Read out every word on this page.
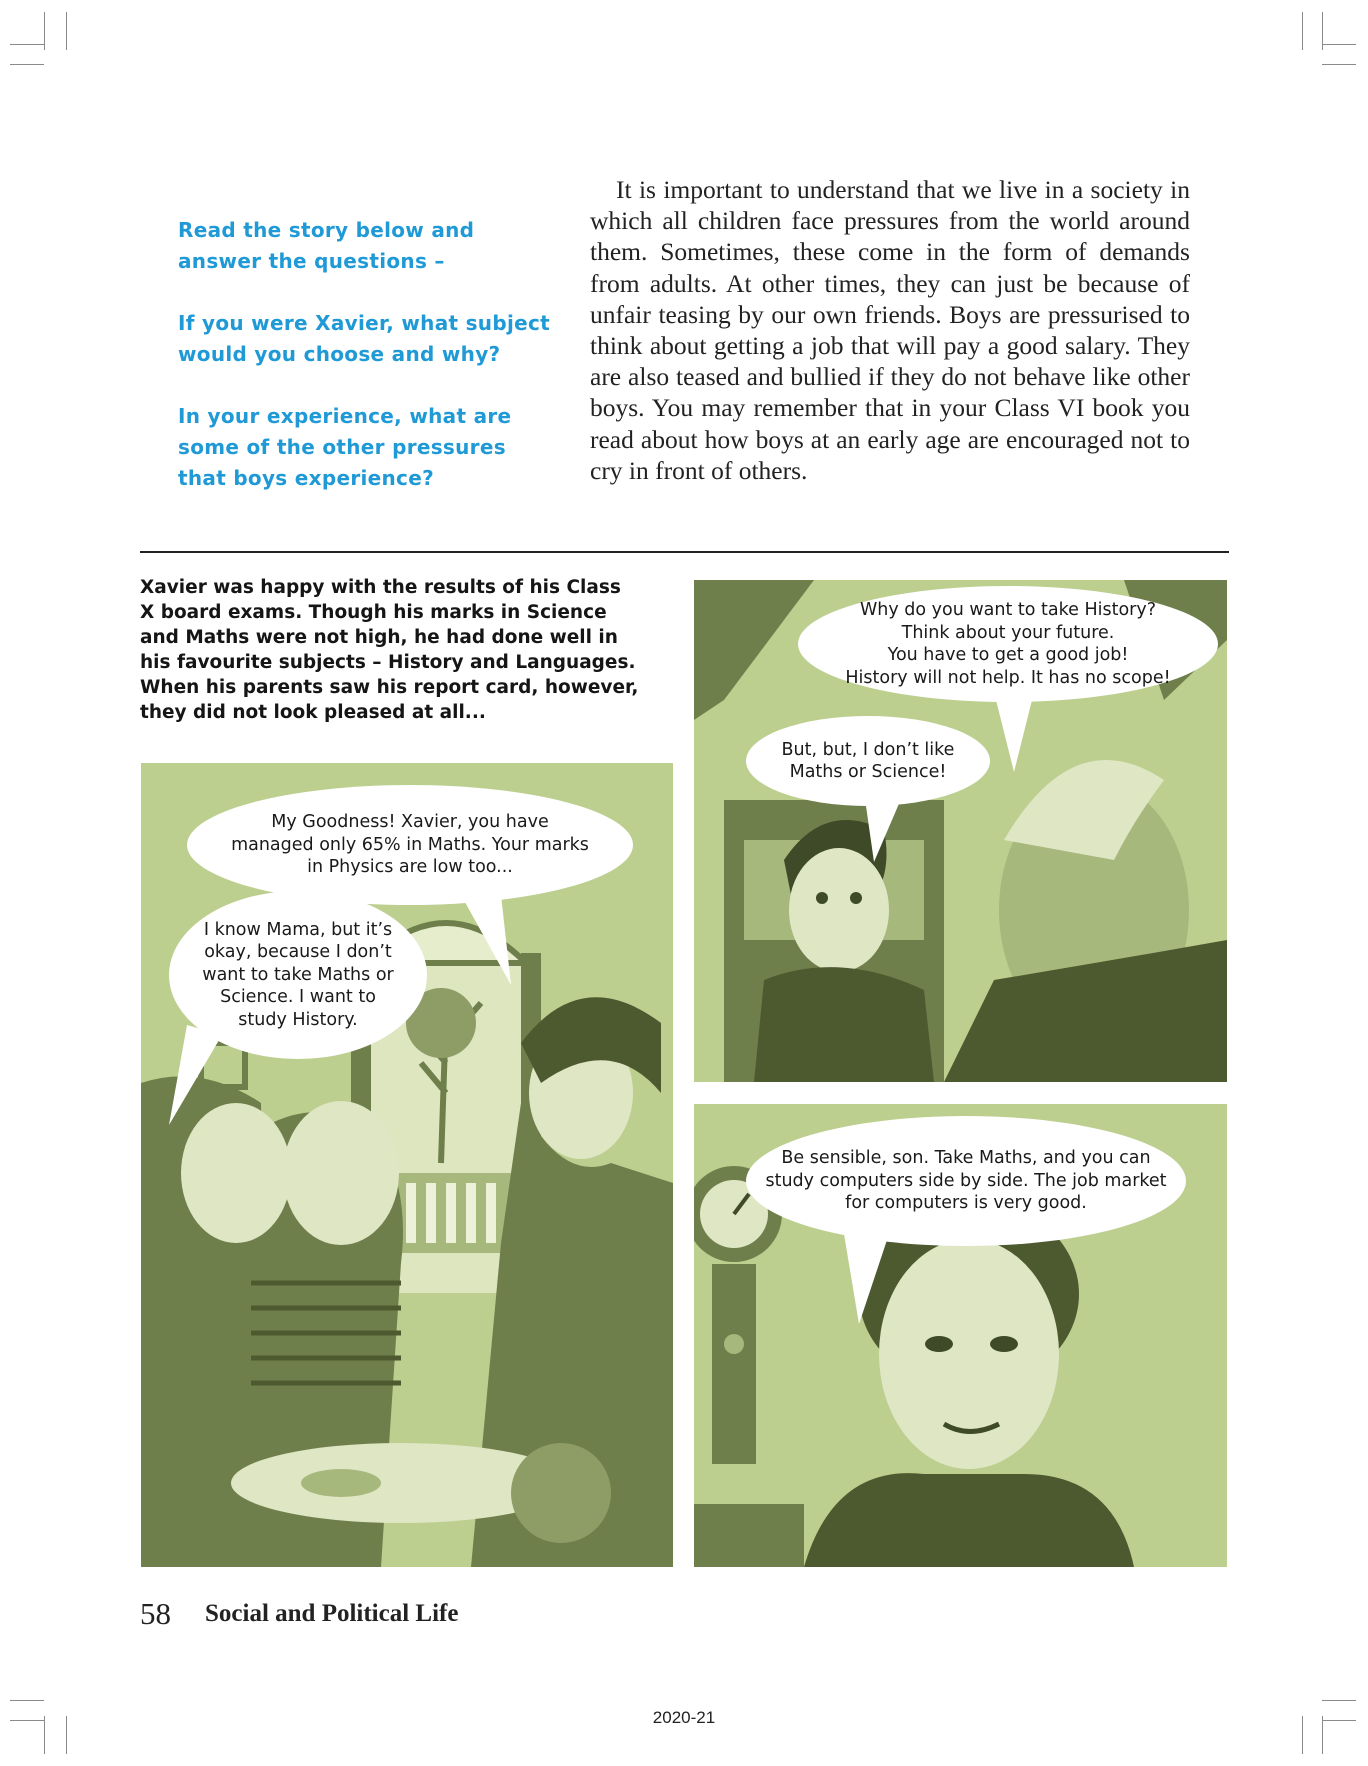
Read the story below and answer the questions –

If you were Xavier, what subject would you choose and why?

In your experience, what are some of the other pressures that boys experience?

It is important to understand that we live in a society in which all children face pressures from the world around them. Sometimes, these come in the form of demands from adults. At other times, they can just be because of unfair teasing by our own friends. Boys are pressurised to think about getting a job that will pay a good salary. They are also teased and bullied if they do not behave like other boys. You may remember that in your Class VI book you read about how boys at an early age are encouraged not to cry in front of others.

Xavier was happy with the results of his Class X board exams. Though his marks in Science and Maths were not high, he had done well in his favourite subjects – History and Languages. When his parents saw his report card, however, they did not look pleased at all...

My Goodness! Xavier, you have
managed only 65% in Maths. Your marks
in Physics are low too...
I know Mama, but it’s
okay, because I don’t
want to take Maths or
Science. I want to
study History.
Why do you want to take History?
Think about your future.
You have to get a good job!
History will not help. It has no scope!
But, but, I don’t like
Maths or Science!
Be sensible, son. Take Maths, and you can
study computers side by side. The job market
for computers is very good.
58 Social and Political Life
2020-21
